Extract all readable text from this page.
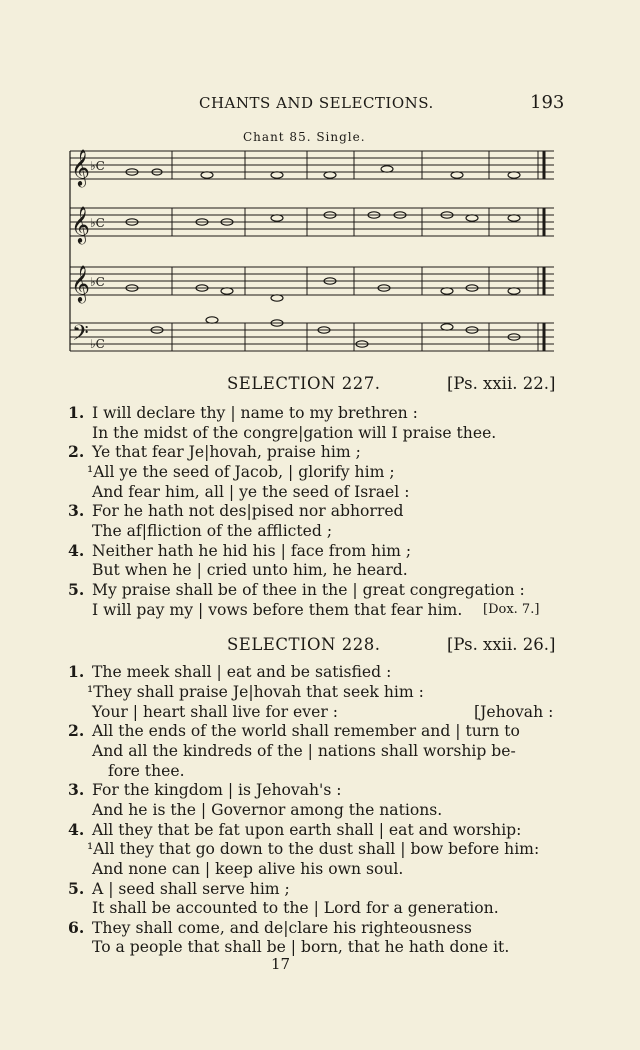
CHANTS AND SELECTIONS.	193
Chant 85. Single.
𝄞
𝄞
𝄞
𝄢
♭C
♭C
♭C
♭C
SELECTION 227.	[Ps. xxii. 22.]
1. I will declare thy | name to my brethren :
In the midst of the congre|gation will I praise thee.
2. Ye that fear Je|hovah, praise him ;
¹All ye the seed of Jacob, | glorify him ;
And fear him, all | ye the seed of Israel :
3. For he hath not des|pised nor abhorred
The af|fliction of the afflicted ;
4. Neither hath he hid his | face from him ;
But when he | cried unto him, he heard.
5. My praise shall be of thee in the | great congregation :
I will pay my | vows before them that fear him. [Dox. 7.]
SELECTION 228.	[Ps. xxii. 26.]
1. The meek shall | eat and be satisfied :
¹They shall praise Je|hovah that seek him :
Your | heart shall live for ever :	[Jehovah :
2. All the ends of the world shall remember and | turn to
And all the kindreds of the | nations shall worship be-
fore thee.
3. For the kingdom | is Jehovah's :
And he is the | Governor among the nations.
4. All they that be fat upon earth shall | eat and worship:
¹All they that go down to the dust shall | bow before him:
And none can | keep alive his own soul.
5. A | seed shall serve him ;
It shall be accounted to the | Lord for a generation.
6. They shall come, and de|clare his righteousness
To a people that shall be | born, that he hath done it.
17
